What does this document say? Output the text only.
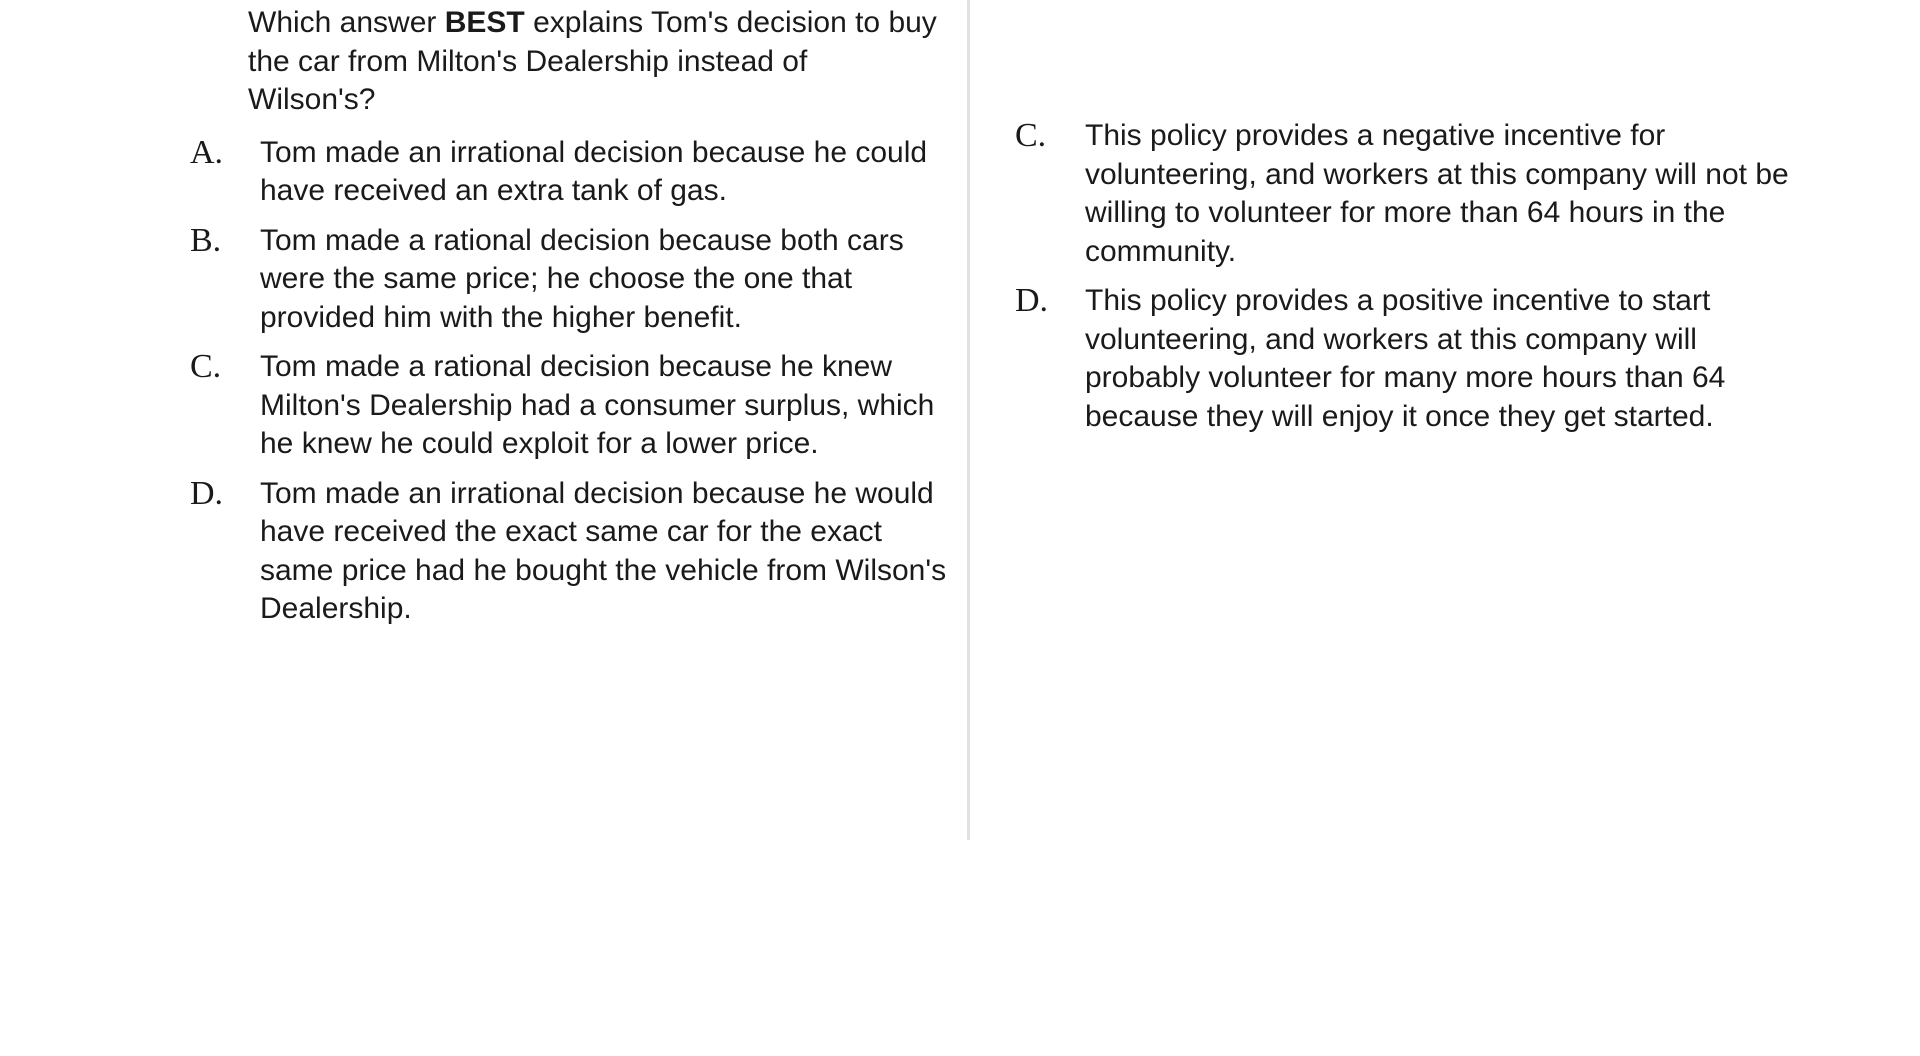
Which answer BEST explains Tom's decision to buy the car from Milton's Dealership instead of Wilson's?
A.	Tom made an irrational decision because he could have received an extra tank of gas.
B.	Tom made a rational decision because both cars were the same price; he choose the one that provided him with the higher benefit.
C.	Tom made a rational decision because he knew Milton's Dealership had a consumer surplus, which he knew he could exploit for a lower price.
D.	Tom made an irrational decision because he would have received the exact same car for the exact same price had he bought the vehicle from Wilson's Dealership.
C.	This policy provides a negative incentive for volunteering, and workers at this company will not be willing to volunteer for more than 64 hours in the community.
D.	This policy provides a positive incentive to start volunteering, and workers at this company will probably volunteer for many more hours than 64 because they will enjoy it once they get started.
